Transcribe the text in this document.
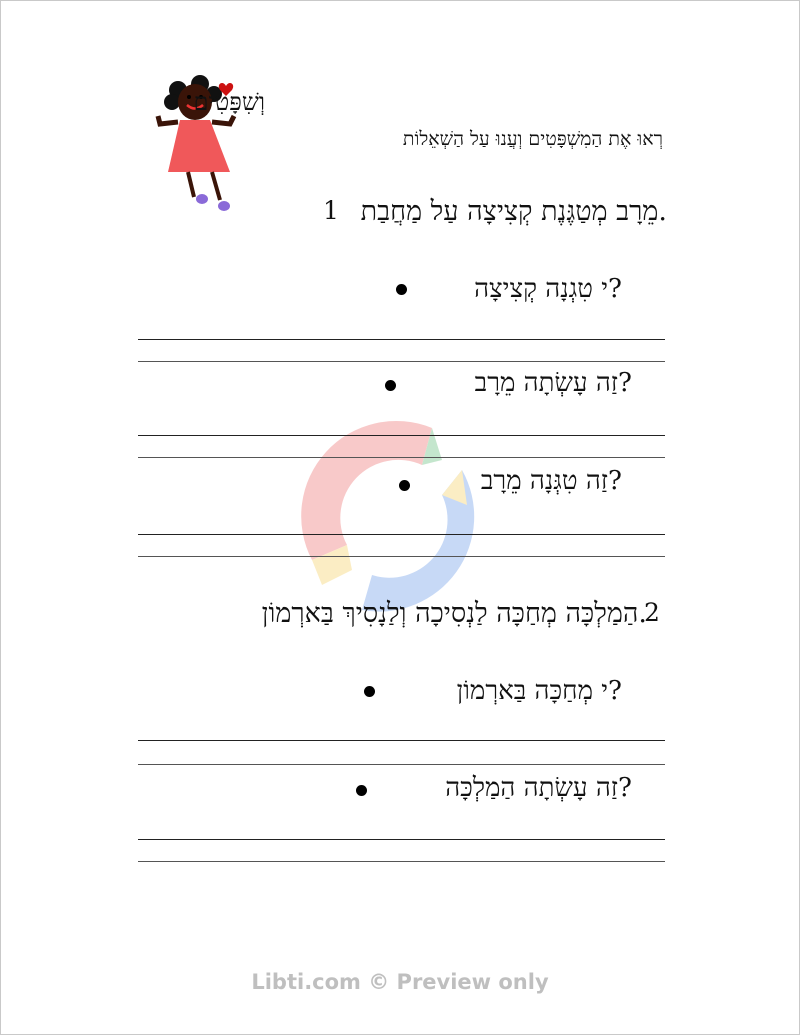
וְשִׁפָּטִים
רְאוּ אֶת הַמִשְׁפָּטִים וְעֲנוּ עַל הַשְׁאֵלוֹת
.מֵרָב מְטַגֶּנֶת קְצִיצָה עַל מַחֲבַת
1
?י טִגְנָה קְצִיצָה
?זַה עָשְׂתָה מֵרָב
?זַה טִגְּנָה מֵרָב
.הַמַלְכָּה מְחַכָּה לַנְסִיכָה וְלַנָסִיךְ בַּארְמוֹן
2
?י מְחַכָּה בַּארְמוֹן
?זַה עָשְׂתָה הַמַלְכָּה
Libti.com © Preview only
